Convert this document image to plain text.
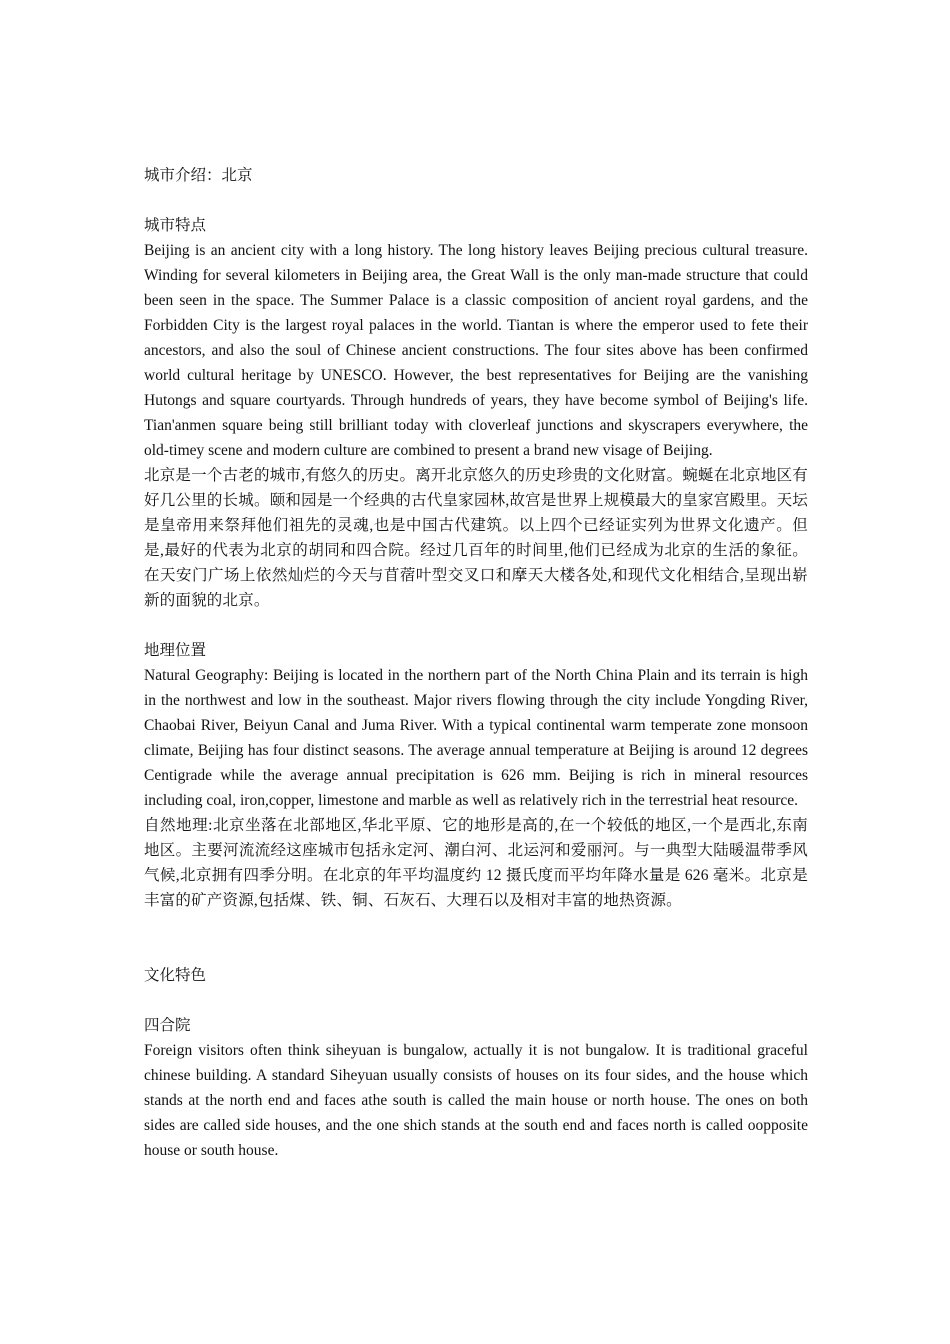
城市介绍：北京

城市特点

Beijing is an ancient city with a long history. The long history leaves Beijing precious cultural treasure. Winding for several kilometers in Beijing area, the Great Wall is the only man-made structure that could been seen in the space. The Summer Palace is a classic composition of ancient royal gardens, and the Forbidden City is the largest royal palaces in the world. Tiantan is where the emperor used to fete their ancestors, and also the soul of Chinese ancient constructions. The four sites above has been confirmed world cultural heritage by UNESCO. However, the best representatives for Beijing are the vanishing Hutongs and square courtyards. Through hundreds of years, they have become symbol of Beijing's life. Tian'anmen square being still brilliant today with cloverleaf junctions and skyscrapers everywhere, the old-timey scene and modern culture are combined to present a brand new visage of Beijing.

北京是一个古老的城市,有悠久的历史。离开北京悠久的历史珍贵的文化财富。蜿蜒在北京地区有好几公里的长城。颐和园是一个经典的古代皇家园林,故宫是世界上规模最大的皇家宫殿里。天坛是皇帝用来祭拜他们祖先的灵魂,也是中国古代建筑。以上四个已经证实列为世界文化遗产。但是,最好的代表为北京的胡同和四合院。经过几百年的时间里,他们已经成为北京的生活的象征。在天安门广场上依然灿烂的今天与苜蓿叶型交叉口和摩天大楼各处,和现代文化相结合,呈现出崭新的面貌的北京。

地理位置

Natural Geography: Beijing is located in the northern part of the North China Plain and its terrain is high in the northwest and low in the southeast. Major rivers flowing through the city include Yongding River, Chaobai River, Beiyun Canal and Juma River. With a typical continental warm temperate zone monsoon climate, Beijing has four distinct seasons. The average annual temperature at Beijing is around 12 degrees Centigrade while the average annual precipitation is 626 mm. Beijing is rich in mineral resources including coal, iron,copper, limestone and marble as well as relatively rich in the terrestrial heat resource.

自然地理:北京坐落在北部地区,华北平原、它的地形是高的,在一个较低的地区,一个是西北,东南地区。主要河流流经这座城市包括永定河、潮白河、北运河和爱丽河。与一典型大陆暖温带季风气候,北京拥有四季分明。在北京的年平均温度约 12 摄氏度而平均年降水量是 626 毫米。北京是丰富的矿产资源,包括煤、铁、铜、石灰石、大理石以及相对丰富的地热资源。

文化特色

四合院

Foreign visitors often think siheyuan is bungalow, actually it is not bungalow. It is traditional graceful chinese building. A standard Siheyuan usually consists of houses on its four sides, and the house which stands at the north end and faces athe south is called the main house or north house. The ones on both sides are called side houses, and the one shich stands at the south end and faces north is called oopposite house or south house.
